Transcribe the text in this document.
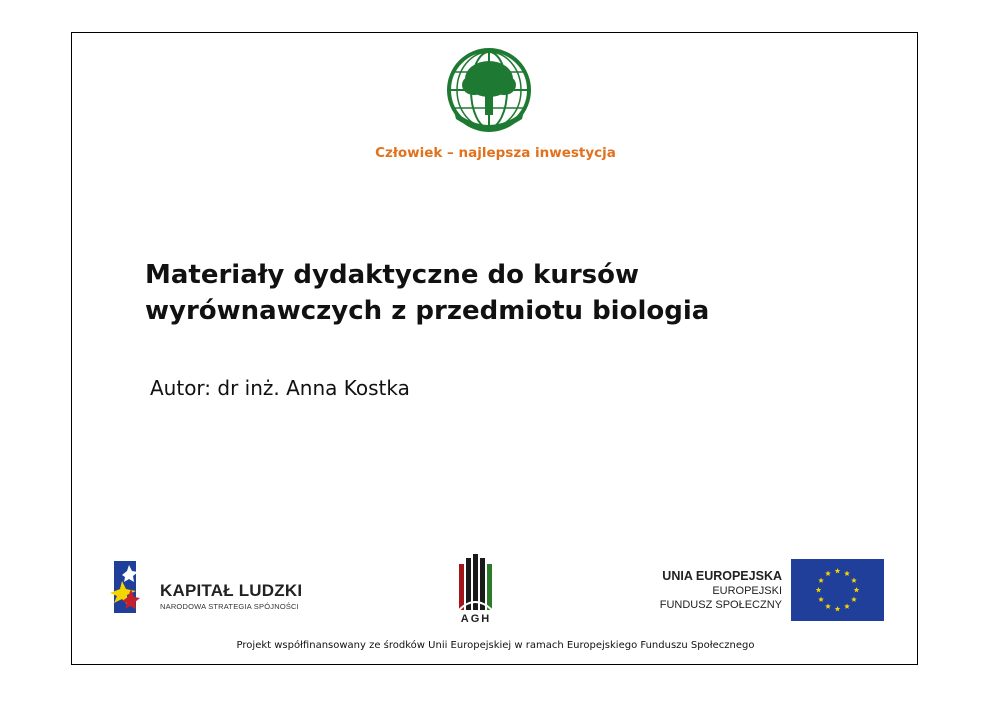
Człowiek – najlepsza inwestycja
Materiały dydaktyczne do kursów
wyrównawczych z przedmiotu biologia
Autor: dr inż. Anna Kostka
KAPITAŁ LUDZKI
NARODOWA STRATEGIA SPÓJNOŚCI
AGH
UNIA EUROPEJSKA
EUROPEJSKI
FUNDUSZ SPOŁECZNY
Projekt współfinansowany ze środków Unii Europejskiej w ramach Europejskiego Funduszu Społecznego
